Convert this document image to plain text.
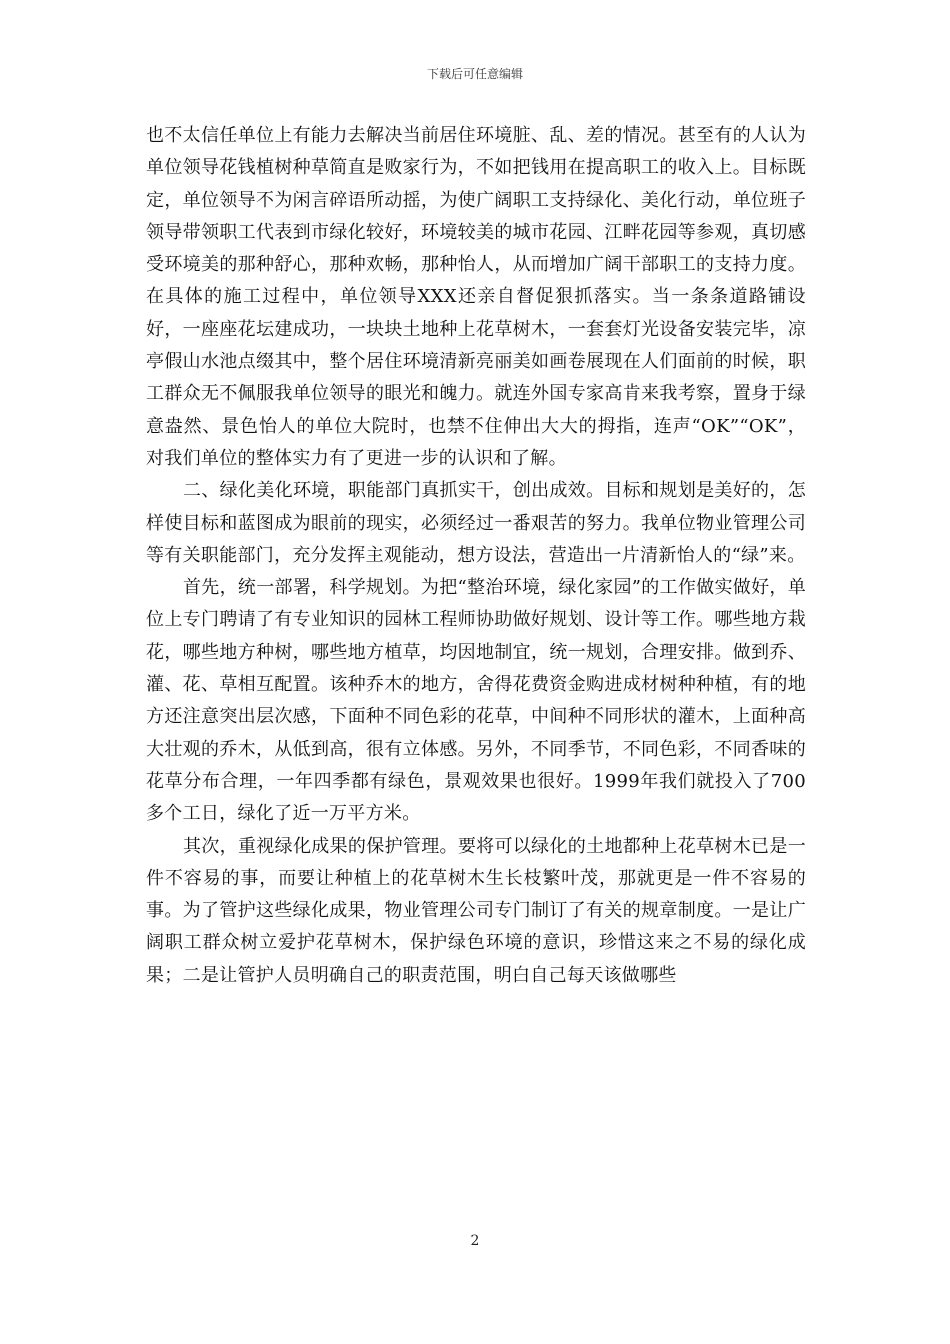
下载后可任意编辑

也不太信任单位上有能力去解决当前居住环境脏、乱、差的情况。甚至有的人认为单位领导花钱植树种草简直是败家行为，不如把钱用在提高职工的收入上。目标既定，单位领导不为闲言碎语所动摇，为使广阔职工支持绿化、美化行动，单位班子领导带领职工代表到市绿化较好，环境较美的城市花园、江畔花园等参观，真切感受环境美的那种舒心，那种欢畅，那种怡人，从而增加广阔干部职工的支持力度。在具体的施工过程中，单位领导XXX还亲自督促狠抓落实。当一条条道路铺设好，一座座花坛建成功，一块块土地种上花草树木，一套套灯光设备安装完毕，凉亭假山水池点缀其中，整个居住环境清新亮丽美如画卷展现在人们面前的时候，职工群众无不佩服我单位领导的眼光和魄力。就连外国专家高肯来我考察，置身于绿意盎然、景色怡人的单位大院时，也禁不住伸出大大的拇指，连声“OK”“OK”，对我们单位的整体实力有了更进一步的认识和了解。

二、绿化美化环境，职能部门真抓实干，创出成效。目标和规划是美好的，怎样使目标和蓝图成为眼前的现实，必须经过一番艰苦的努力。我单位物业管理公司等有关职能部门，充分发挥主观能动，想方设法，营造出一片清新怡人的“绿”来。

首先，统一部署，科学规划。为把“整治环境，绿化家园”的工作做实做好，单位上专门聘请了有专业知识的园林工程师协助做好规划、设计等工作。哪些地方栽花，哪些地方种树，哪些地方植草，均因地制宜，统一规划，合理安排。做到乔、灌、花、草相互配置。该种乔木的地方，舍得花费资金购进成材树种种植，有的地方还注意突出层次感，下面种不同色彩的花草，中间种不同形状的灌木，上面种高大壮观的乔木，从低到高，很有立体感。另外，不同季节，不同色彩，不同香味的花草分布合理，一年四季都有绿色，景观效果也很好。1999年我们就投入了700多个工日，绿化了近一万平方米。

其次，重视绿化成果的保护管理。要将可以绿化的土地都种上花草树木已是一件不容易的事，而要让种植上的花草树木生长枝繁叶茂，那就更是一件不容易的事。为了管护这些绿化成果，物业管理公司专门制订了有关的规章制度。一是让广阔职工群众树立爱护花草树木，保护绿色环境的意识，珍惜这来之不易的绿化成果；二是让管护人员明确自己的职责范围，明白自己每天该做哪些

2
